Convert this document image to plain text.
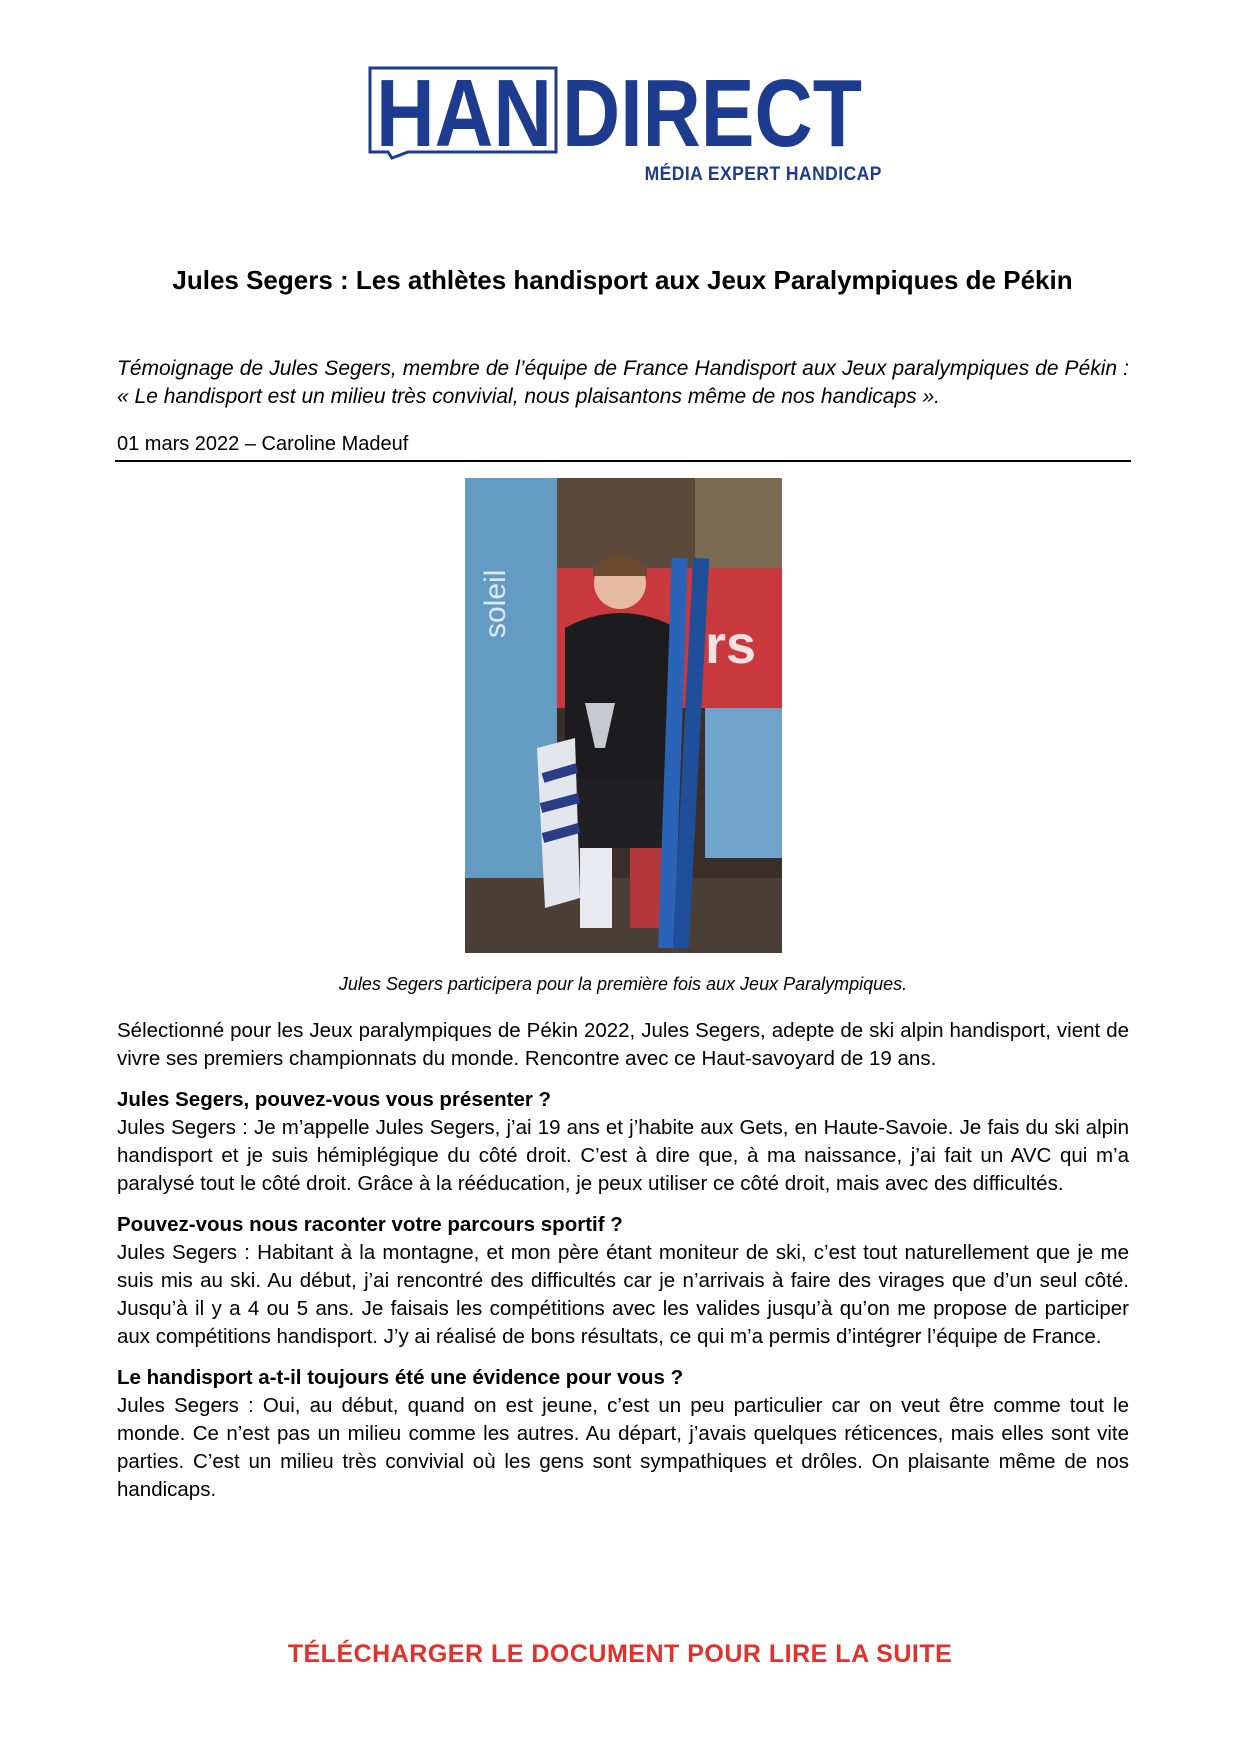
HAN DIRECT
MÉDIA EXPERT HANDICAP
Jules Segers : Les athlètes handisport aux Jeux Paralympiques de Pékin

Témoignage de Jules Segers, membre de l’équipe de France Handisport aux Jeux paralympiques de Pékin : « Le handisport est un milieu très convivial, nous plaisantons même de nos handicaps ».

01 mars 2022 – Caroline Madeuf
soleil
rs

Jules Segers participera pour la première fois aux Jeux Paralympiques.

Sélectionné pour les Jeux paralympiques de Pékin 2022, Jules Segers, adepte de ski alpin handisport, vient de vivre ses premiers championnats du monde. Rencontre avec ce Haut-savoyard de 19 ans.

Jules Segers, pouvez-vous vous présenter ?

Jules Segers : Je m’appelle Jules Segers, j’ai 19 ans et j’habite aux Gets, en Haute-Savoie. Je fais du ski alpin handisport et je suis hémiplégique du côté droit. C’est à dire que, à ma naissance, j’ai fait un AVC qui m’a paralysé tout le côté droit. Grâce à la rééducation, je peux utiliser ce côté droit, mais avec des difficultés.

Pouvez-vous nous raconter votre parcours sportif ?

Jules Segers : Habitant à la montagne, et mon père étant moniteur de ski, c’est tout naturellement que je me suis mis au ski. Au début, j’ai rencontré des difficultés car je n’arrivais à faire des virages que d’un seul côté. Jusqu’à il y a 4 ou 5 ans. Je faisais les compétitions avec les valides jusqu’à qu’on me propose de participer aux compétitions handisport. J’y ai réalisé de bons résultats, ce qui m’a permis d’intégrer l’équipe de France.

Le handisport a-t-il toujours été une évidence pour vous ?

Jules Segers : Oui, au début, quand on est jeune, c’est un peu particulier car on veut être comme tout le monde. Ce n’est pas un milieu comme les autres. Au départ, j’avais quelques réticences, mais elles sont vite parties. C’est un milieu très convivial où les gens sont sympathiques et drôles. On plaisante même de nos handicaps.

TÉLÉCHARGER LE DOCUMENT POUR LIRE LA SUITE
